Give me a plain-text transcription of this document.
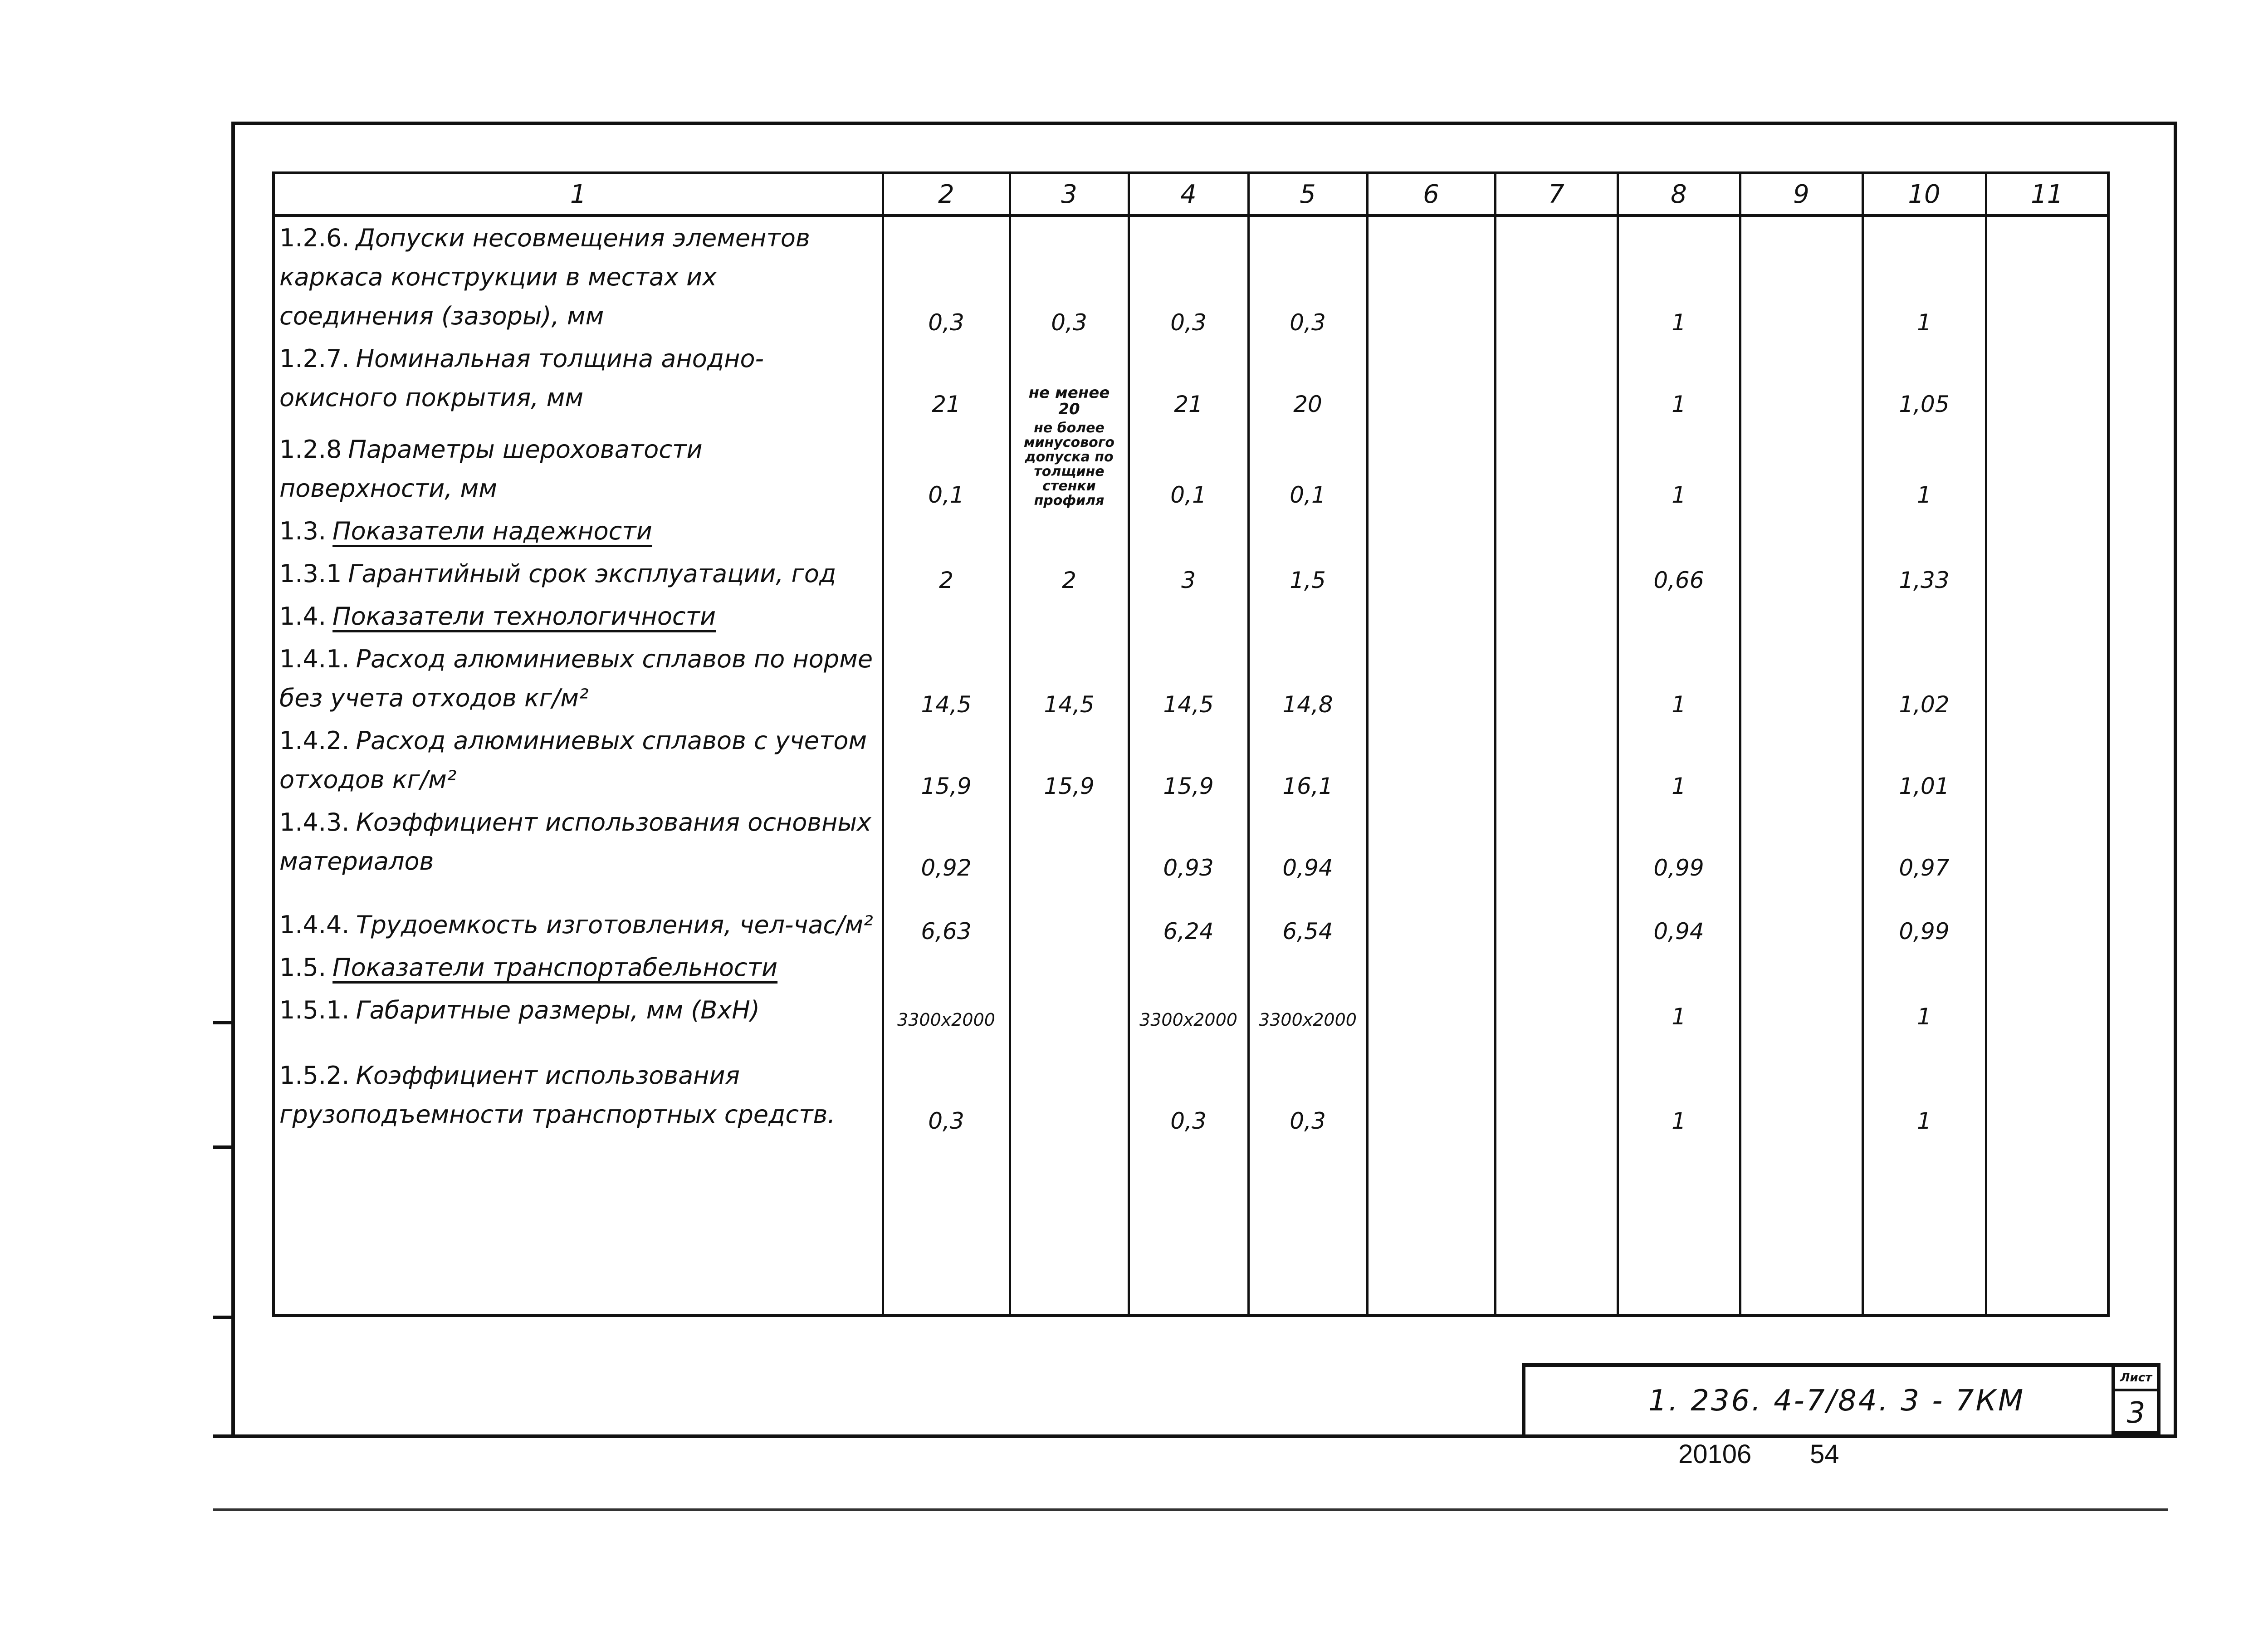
1	2	3	4	5	6	7	8	9	10	11
1.2.6. Допуски несовмещения элементов каркаса конструкции в местах их соединения (зазоры), мм	0,3	0,3	0,3	0,3			1		1	
1.2.7. Номинальная толщина анодно-окисного покрытия, мм	21	не менее 20	21	20			1		1,05	
1.2.8 Параметры шероховатости поверхности, мм	0,1	не более минусового допуска по толщине стенки профиля	0,1	0,1			1		1	
1.3. Показатели надежности										
1.3.1 Гарантийный срок эксплуатации, год	2	2	3	1,5			0,66		1,33	
1.4. Показатели технологичности										
1.4.1. Расход алюминиевых сплавов по норме без учета отходов кг/м²	14,5	14,5	14,5	14,8			1		1,02	
1.4.2. Расход алюминиевых сплавов с учетом отходов кг/м²	15,9	15,9	15,9	16,1			1		1,01	
1.4.3. Коэффициент использования основных материалов	0,92		0,93	0,94			0,99		0,97	
1.4.4. Трудоемкость изготовления, чел-час/м²	6,63		6,24	6,54			0,94		0,99	
1.5. Показатели транспортабельности										
1.5.1. Габаритные размеры, мм (ВхН)	3300х2000		3300х2000	3300х2000			1		1	
1.5.2. Коэффициент использования грузоподъемности транспортных средств.	0,3		0,3	0,3			1		1	

1. 236. 4-7/84. 3 - 7КМ
Лист
3
20106 54
